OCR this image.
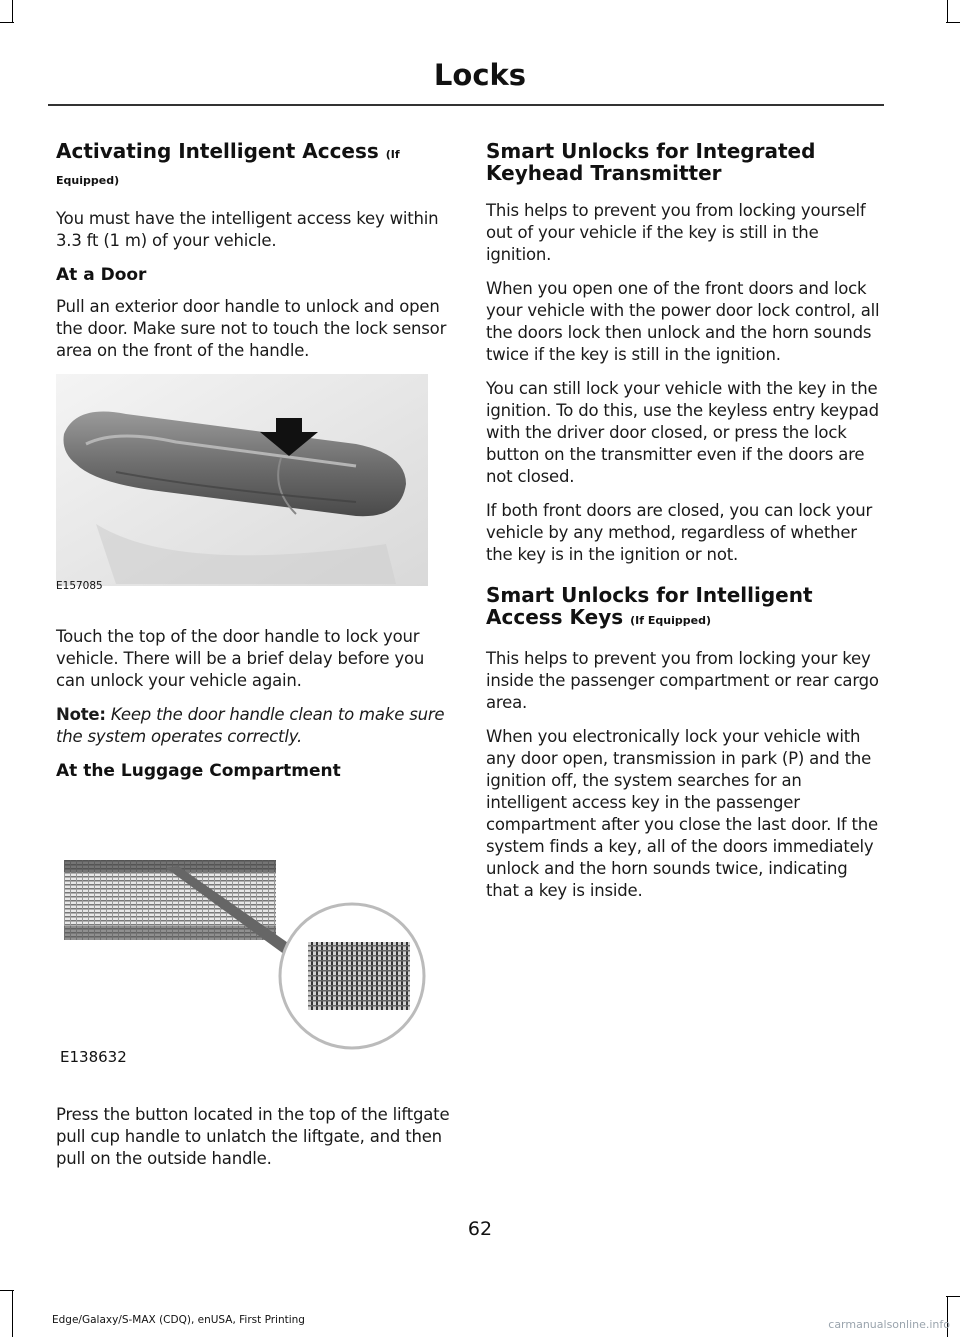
Locks
Activating Intelligent Access (If Equipped)

You must have the intelligent access key within 3.3 ft (1 m) of your vehicle.

At a Door

Pull an exterior door handle to unlock and open the door. Make sure not to touch the lock sensor area on the front of the handle.

E157085

Touch the top of the door handle to lock your vehicle. There will be a brief delay before you can unlock your vehicle again.

Note: Keep the door handle clean to make sure the system operates correctly.

At the Luggage Compartment
E138632

Press the button located in the top of the liftgate pull cup handle to unlatch the liftgate, and then pull on the outside handle.

Smart Unlocks for Integrated Keyhead Transmitter

This helps to prevent you from locking yourself out of your vehicle if the key is still in the ignition.

When you open one of the front doors and lock your vehicle with the power door lock control, all the doors lock then unlock and the horn sounds twice if the key is still in the ignition.

You can still lock your vehicle with the key in the ignition. To do this, use the keyless entry keypad with the driver door closed, or press the lock button on the transmitter even if the doors are not closed.

If both front doors are closed, you can lock your vehicle by any method, regardless of whether the key is in the ignition or not.

Smart Unlocks for Intelligent Access Keys (If Equipped)

This helps to prevent you from locking your key inside the passenger compartment or rear cargo area.

When you electronically lock your vehicle with any door open, transmission in park (P) and the ignition off, the system searches for an intelligent access key in the passenger compartment after you close the last door. If the system finds a key, all of the doors immediately unlock and the horn sounds twice, indicating that a key is inside.

62
Edge/Galaxy/S-MAX (CDQ), enUSA, First Printing	carmanualsonline.info
